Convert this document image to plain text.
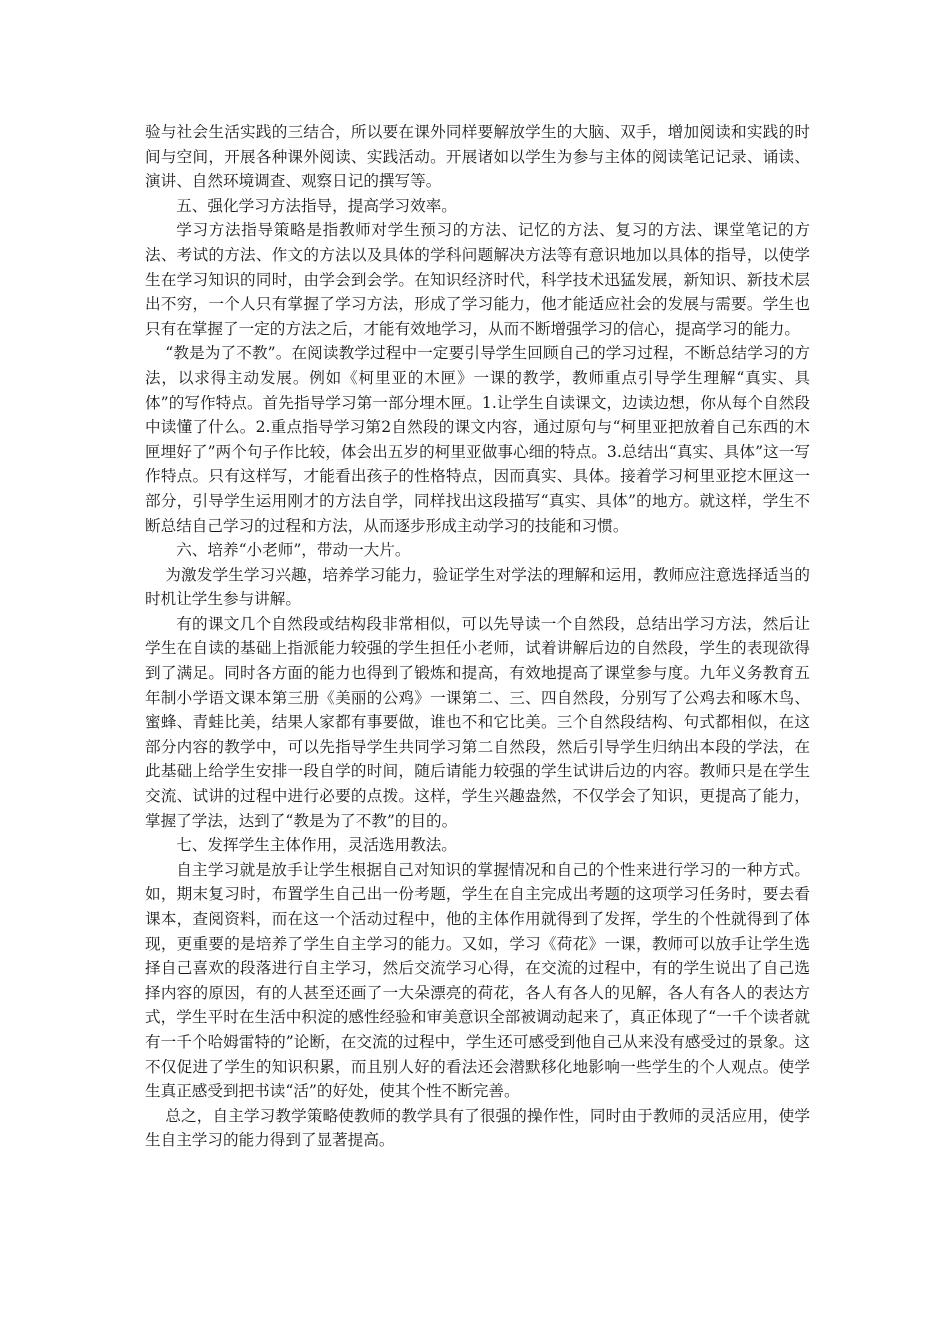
验与社会生活实践的三结合，所以要在课外同样要解放学生的大脑、双手，增加阅读和实践的时间与空间，开展各种课外阅读、实践活动。开展诸如以学生为参与主体的阅读笔记记录、诵读、演讲、自然环境调查、观察日记的撰写等。

五、强化学习方法指导，提高学习效率。

学习方法指导策略是指教师对学生预习的方法、记忆的方法、复习的方法、课堂笔记的方法、考试的方法、作文的方法以及具体的学科问题解决方法等有意识地加以具体的指导，以使学生在学习知识的同时，由学会到会学。在知识经济时代，科学技术迅猛发展，新知识、新技术层出不穷，一个人只有掌握了学习方法，形成了学习能力，他才能适应社会的发展与需要。学生也只有在掌握了一定的方法之后，才能有效地学习，从而不断增强学习的信心，提高学习的能力。

“教是为了不教”。在阅读教学过程中一定要引导学生回顾自己的学习过程，不断总结学习的方法，以求得主动发展。例如《柯里亚的木匣》一课的教学，教师重点引导学生理解“真实、具体”的写作特点。首先指导学习第一部分埋木匣。1.让学生自读课文，边读边想，你从每个自然段中读懂了什么。2.重点指导学习第2自然段的课文内容，通过原句与“柯里亚把放着自己东西的木匣埋好了”两个句子作比较，体会出五岁的柯里亚做事心细的特点。3.总结出“真实、具体”这一写作特点。只有这样写，才能看出孩子的性格特点，因而真实、具体。接着学习柯里亚挖木匣这一部分，引导学生运用刚才的方法自学，同样找出这段描写“真实、具体”的地方。就这样，学生不断总结自己学习的过程和方法，从而逐步形成主动学习的技能和习惯。

六、培养“小老师”，带动一大片。

为激发学生学习兴趣，培养学习能力，验证学生对学法的理解和运用，教师应注意选择适当的时机让学生参与讲解。

有的课文几个自然段或结构段非常相似，可以先导读一个自然段，总结出学习方法，然后让学生在自读的基础上指派能力较强的学生担任小老师，试着讲解后边的自然段，学生的表现欲得到了满足。同时各方面的能力也得到了锻炼和提高，有效地提高了课堂参与度。九年义务教育五年制小学语文课本第三册《美丽的公鸡》一课第二、三、四自然段，分别写了公鸡去和啄木鸟、蜜蜂、青蛙比美，结果人家都有事要做，谁也不和它比美。三个自然段结构、句式都相似，在这部分内容的教学中，可以先指导学生共同学习第二自然段，然后引导学生归纳出本段的学法，在此基础上给学生安排一段自学的时间，随后请能力较强的学生试讲后边的内容。教师只是在学生交流、试讲的过程中进行必要的点拨。这样，学生兴趣盎然，不仅学会了知识，更提高了能力，掌握了学法，达到了“教是为了不教”的目的。

七、发挥学生主体作用，灵活选用教法。

自主学习就是放手让学生根据自己对知识的掌握情况和自己的个性来进行学习的一种方式。如，期末复习时，布置学生自己出一份考题，学生在自主完成出考题的这项学习任务时，要去看课本，查阅资料，而在这一个活动过程中，他的主体作用就得到了发挥，学生的个性就得到了体现，更重要的是培养了学生自主学习的能力。又如，学习《荷花》一课，教师可以放手让学生选择自己喜欢的段落进行自主学习，然后交流学习心得，在交流的过程中，有的学生说出了自己选择内容的原因，有的人甚至还画了一大朵漂亮的荷花，各人有各人的见解，各人有各人的表达方式，学生平时在生活中积淀的感性经验和审美意识全部被调动起来了，真正体现了“一千个读者就有一千个哈姆雷特的”论断，在交流的过程中，学生还可感受到他自己从来没有感受过的景象。这不仅促进了学生的知识积累，而且别人好的看法还会潜默移化地影响一些学生的个人观点。使学生真正感受到把书读“活”的好处，使其个性不断完善。

总之，自主学习教学策略使教师的教学具有了很强的操作性，同时由于教师的灵活应用，使学生自主学习的能力得到了显著提高。
